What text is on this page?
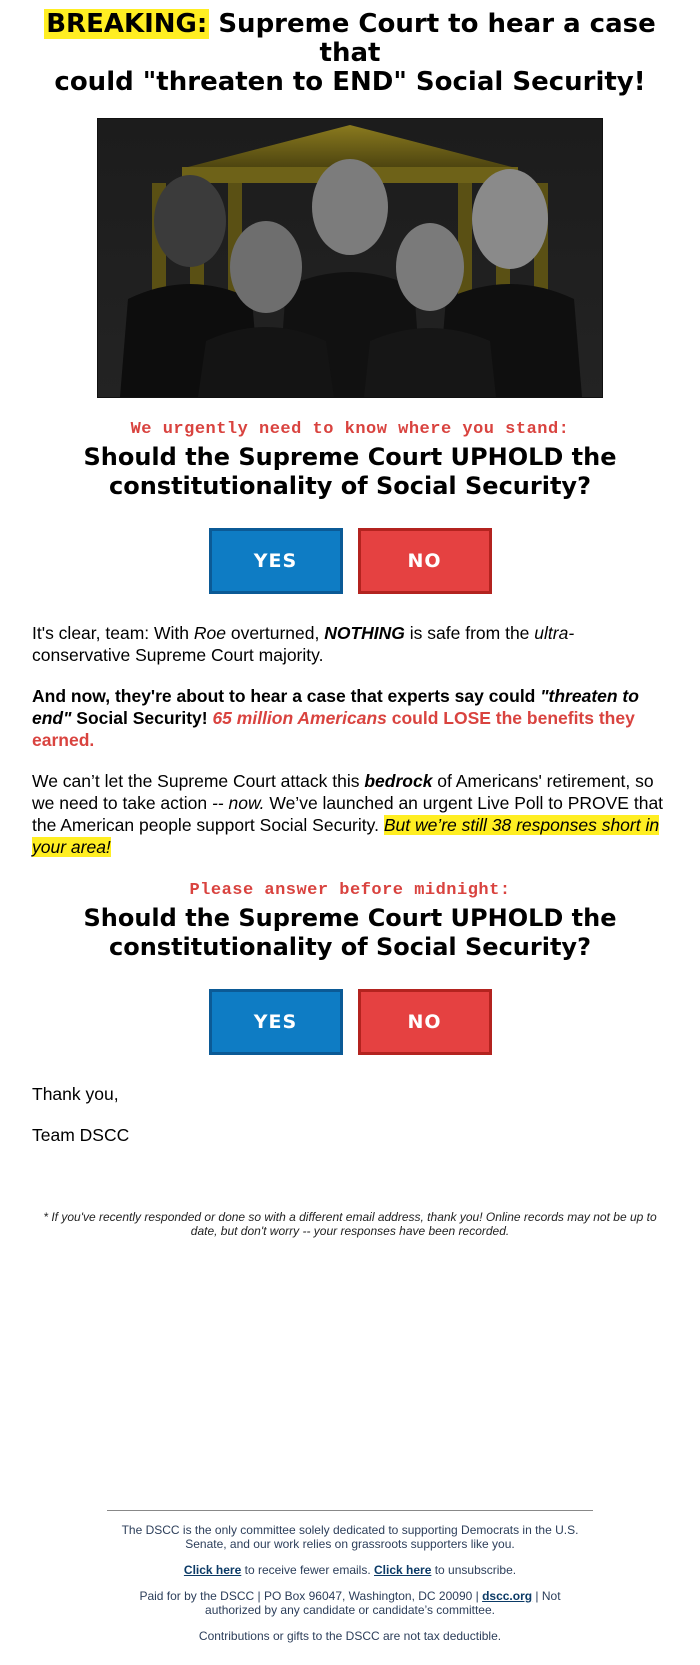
BREAKING: Supreme Court to hear a case that
could "threaten to END" Social Security!

We urgently need to know where you stand:

Should the Supreme Court UPHOLD the
constitutionality of Social Security?
YES	NO

It's clear, team: With Roe overturned, NOTHING is safe from the ultra-
conservative Supreme Court majority.

And now, they're about to hear a case that experts say could "threaten to end" Social Security! 65 million Americans could LOSE the benefits they earned.

We can’t let the Supreme Court attack this bedrock of Americans' retirement, so we need to take action -- now. We’ve launched an urgent Live Poll to PROVE that the American people support Social Security. But we’re still 38 responses short in your area!

Please answer before midnight:

Should the Supreme Court UPHOLD the
constitutionality of Social Security?
YES	NO

Thank you,

Team DSCC

* If you've recently responded or done so with a different email address, thank you! Online records may not be up to date, but don't worry -- your responses have been recorded.

The DSCC is the only committee solely dedicated to supporting Democrats in the U.S. Senate, and our work relies on grassroots supporters like you.

Click here to receive fewer emails. Click here to unsubscribe.

Paid for by the DSCC | PO Box 96047, Washington, DC 20090 | dscc.org | Not authorized by any candidate or candidate’s committee.

Contributions or gifts to the DSCC are not tax deductible.
